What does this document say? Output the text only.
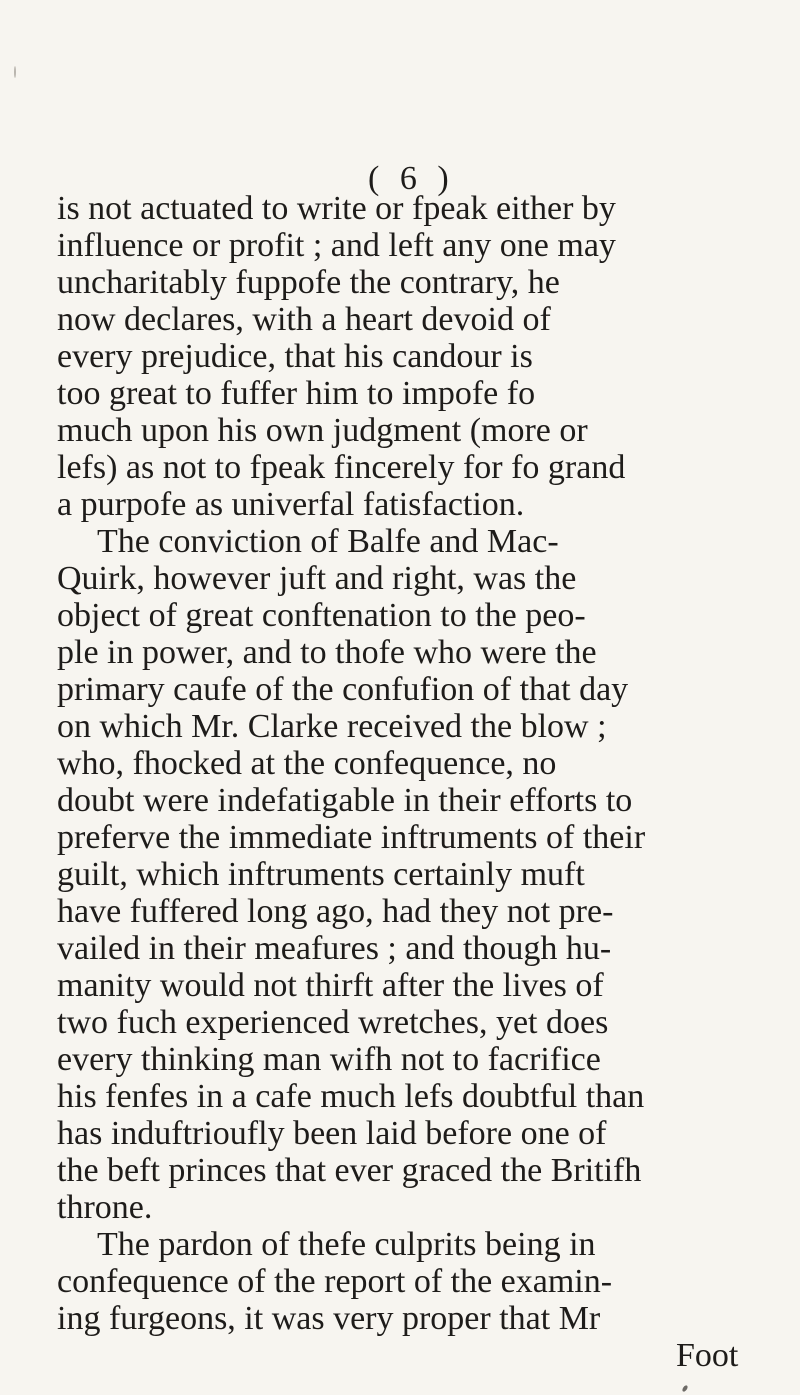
( 6 )
is not actuated to write or fpeak either by
influence or profit ; and left any one may
uncharitably fuppofe the contrary, he
now declares, with a heart devoid of
every prejudice, that his candour is
too great to fuffer him to impofe fo
much upon his own judgment (more or
lefs) as not to fpeak fincerely for fo grand
a purpofe as univerfal fatisfaction.
The conviction of Balfe and Mac-
Quirk, however juft and right, was the
object of great conftenation to the peo-
ple in power, and to thofe who were the
primary caufe of the confufion of that day
on which Mr. Clarke received the blow ;
who, fhocked at the confequence, no
doubt were indefatigable in their efforts to
preferve the immediate inftruments of their
guilt, which inftruments certainly muft
have fuffered long ago, had they not pre-
vailed in their meafures ; and though hu-
manity would not thirft after the lives of
two fuch experienced wretches, yet does
every thinking man wifh not to facrifice
his fenfes in a cafe much lefs doubtful than
has induftrioufly been laid before one of
the beft princes that ever graced the Britifh
throne.
The pardon of thefe culprits being in
confequence of the report of the examin-
ing furgeons, it was very proper that Mr
Foot
